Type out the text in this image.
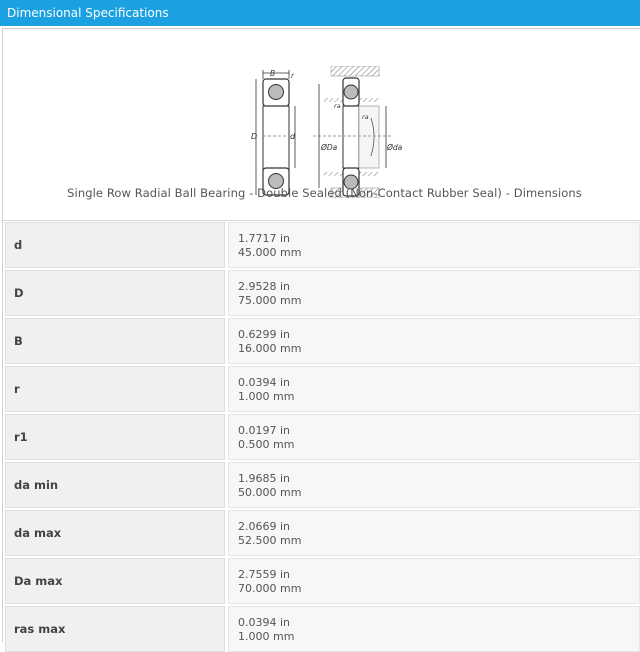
Dimensional Specifications
B r
D	d
ØDa	Øda
ra
ra
Single Row Radial Ball Bearing - Double Sealed (Non-Contact Rubber Seal) - Dimensions
d	1.7717 in
45.000 mm
D	2.9528 in
75.000 mm
B	0.6299 in
16.000 mm
r	0.0394 in
1.000 mm
r1	0.0197 in
0.500 mm
da min	1.9685 in
50.000 mm
da max	2.0669 in
52.500 mm
Da max	2.7559 in
70.000 mm
ras max	0.0394 in
1.000 mm
